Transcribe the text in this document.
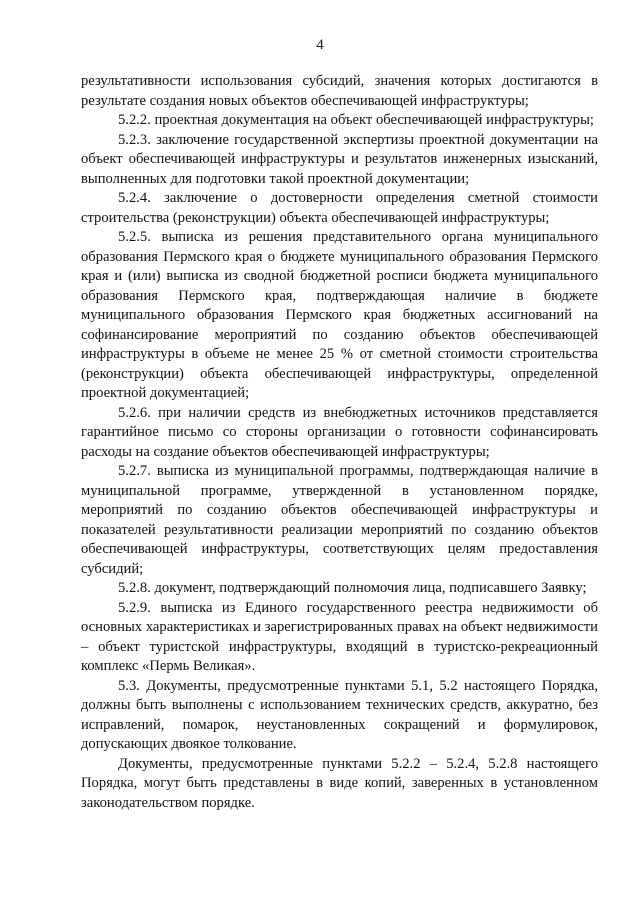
4

результативности использования субсидий, значения которых достигаются в результате создания новых объектов обеспечивающей инфраструктуры;

5.2.2. проектная документация на объект обеспечивающей инфраструктуры;

5.2.3. заключение государственной экспертизы проектной документации на объект обеспечивающей инфраструктуры и результатов инженерных изысканий, выполненных для подготовки такой проектной документации;

5.2.4. заключение о достоверности определения сметной стоимости строительства (реконструкции) объекта обеспечивающей инфраструктуры;

5.2.5. выписка из решения представительного органа муниципального образования Пермского края о бюджете муниципального образования Пермского края и (или) выписка из сводной бюджетной росписи бюджета муниципального образования Пермского края, подтверждающая наличие в бюджете муниципального образования Пермского края бюджетных ассигнований на софинансирование мероприятий по созданию объектов обеспечивающей инфраструктуры в объеме не менее 25 % от сметной стоимости строительства (реконструкции) объекта обеспечивающей инфраструктуры, определенной проектной документацией;

5.2.6. при наличии средств из внебюджетных источников представляется гарантийное письмо со стороны организации о готовности софинансировать расходы на создание объектов обеспечивающей инфраструктуры;

5.2.7. выписка из муниципальной программы, подтверждающая наличие в муниципальной программе, утвержденной в установленном порядке, мероприятий по созданию объектов обеспечивающей инфраструктуры и показателей результативности реализации мероприятий по созданию объектов обеспечивающей инфраструктуры, соответствующих целям предоставления субсидий;

5.2.8. документ, подтверждающий полномочия лица, подписавшего Заявку;

5.2.9. выписка из Единого государственного реестра недвижимости об основных характеристиках и зарегистрированных правах на объект недвижимости – объект туристской инфраструктуры, входящий в туристско-рекреационный комплекс «Пермь Великая».

5.3. Документы, предусмотренные пунктами 5.1, 5.2 настоящего Порядка, должны быть выполнены с использованием технических средств, аккуратно, без исправлений, помарок, неустановленных сокращений и формулировок, допускающих двоякое толкование.

Документы, предусмотренные пунктами 5.2.2 – 5.2.4, 5.2.8 настоящего Порядка, могут быть представлены в виде копий, заверенных в установленном законодательством порядке.
